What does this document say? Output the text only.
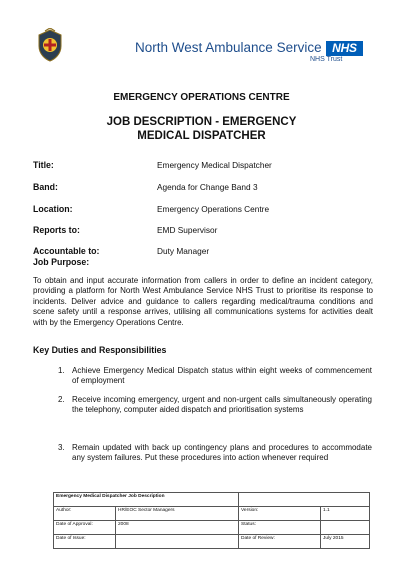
North West Ambulance Service NHS
NHS Trust
EMERGENCY OPERATIONS CENTRE
JOB DESCRIPTION - EMERGENCY MEDICAL DISPATCHER
Title:	Emergency Medical Dispatcher
Band:	Agenda for Change Band 3
Location:	Emergency Operations Centre
Reports to:	EMD Supervisor
Accountable to:	Duty Manager
Job Purpose:
To obtain and input accurate information from callers in order to define an incident category, providing a platform for North West Ambulance Service NHS Trust to prioritise its response to incidents. Deliver advice and guidance to callers regarding medical/trauma conditions and scene safety until a response arrives, utilising all communications systems for activities dealt with by the Emergency Operations Centre.
Key Duties and Responsibilities
1. Achieve Emergency Medical Dispatch status within eight weeks of commencement of employment
2. Receive incoming emergency, urgent and non-urgent calls simultaneously operating the telephony, computer aided dispatch and prioritisation systems
3. Remain updated with back up contingency plans and procedures to accommodate any system failures. Put these procedures into action whenever required
Emergency Medical Dispatcher Job Description			
Author:	HR/EOC Sector Managers	Version:	1.1
Date of Approval:	2008	Status:	
Date of Issue:		Date of Review:	July 2015
